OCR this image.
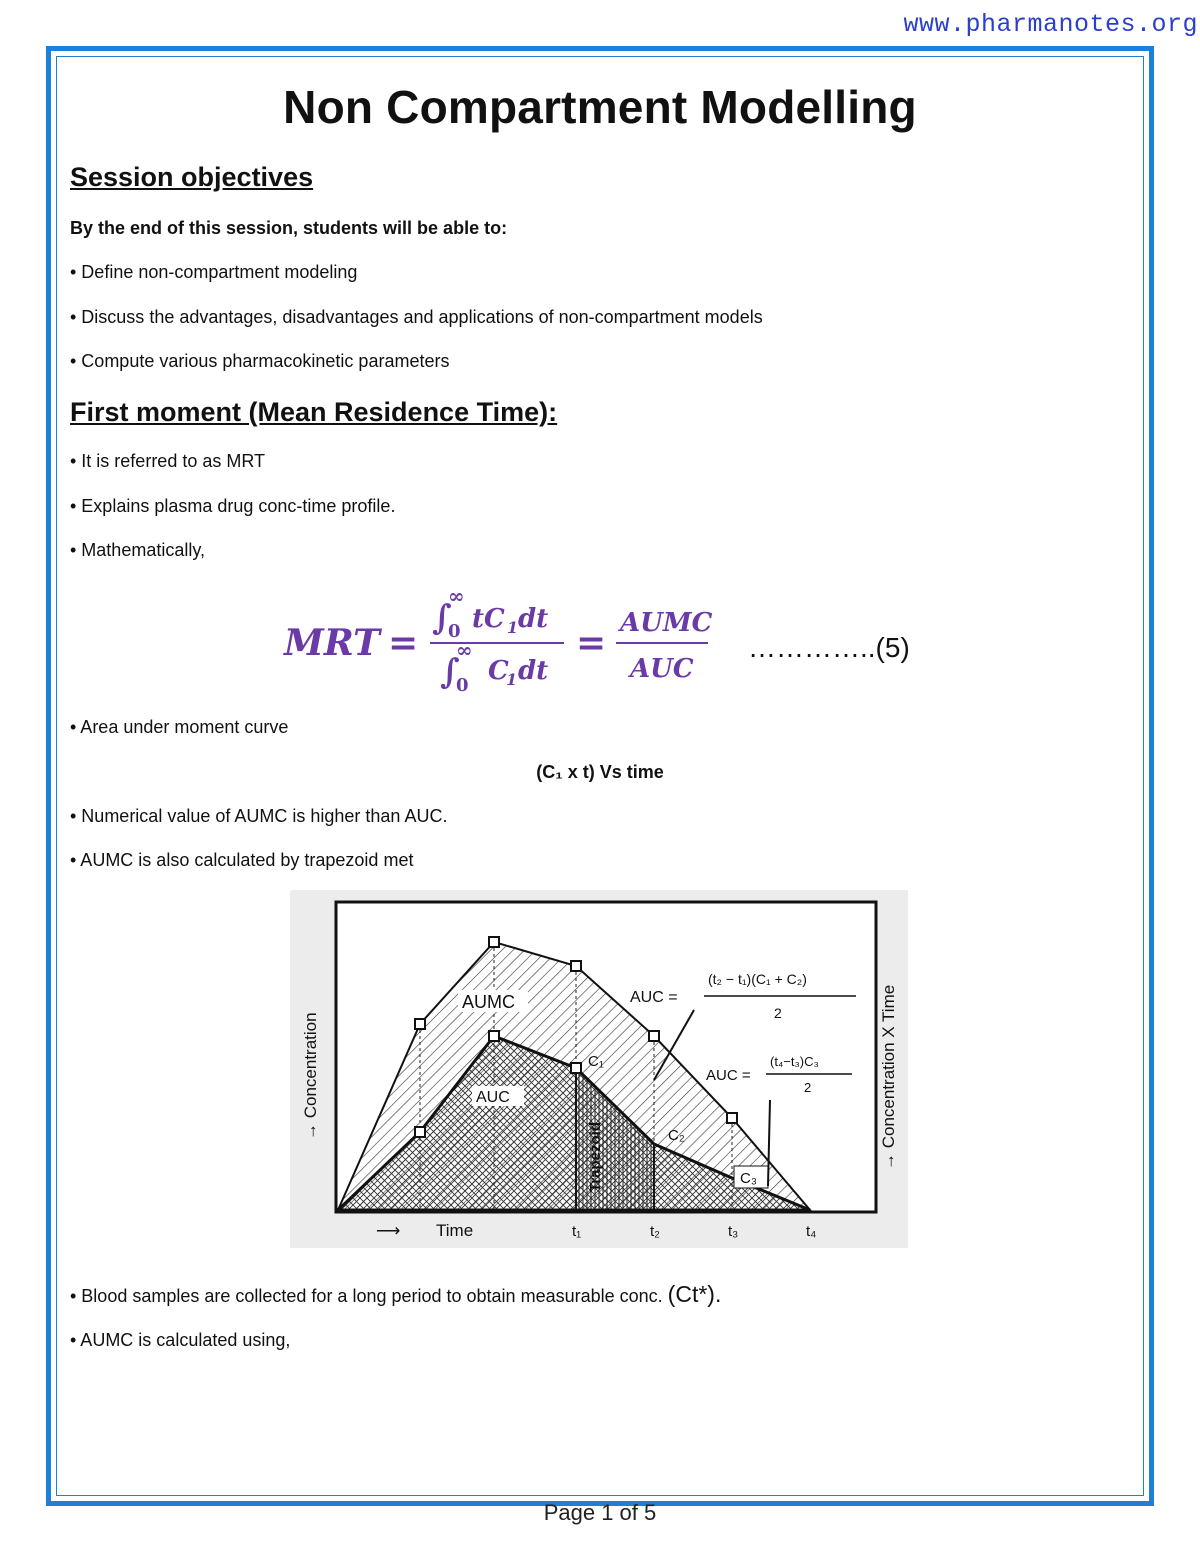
www.pharmanotes.org
Non Compartment Modelling
Session objectives
By the end of this session, students will be able to:
• Define non-compartment modeling
• Discuss the advantages, disadvantages and applications of non-compartment models
• Compute various pharmacokinetic parameters
First moment (Mean Residence Time):
• It is referred to as MRT
• Explains plasma drug conc-time profile.
• Mathematically,
MRT =
∫
∞
0 tC 1 dt
∫
∞
0 C
1 dt
= AUMC
AUC
…………..(5)
• Area under moment curve
(C₁ x t) Vs time
• Numerical value of AUMC is higher than AUC.
• AUMC is also calculated by trapezoid met
AUMC
AUC
Trapezoid
C₁
C₂
C₃
AUC =
(t₂ − t₁)(C₁ + C₂)
2
AUC =
(t₄−t₃)C₃
2
→ Concentration	→ Concentration X Time
⟶ Time	t₁	t₂	t₃	t₄
• Blood samples are collected for a long period to obtain measurable conc. (Ct*).
• AUMC is calculated using,
Page 1 of 5
